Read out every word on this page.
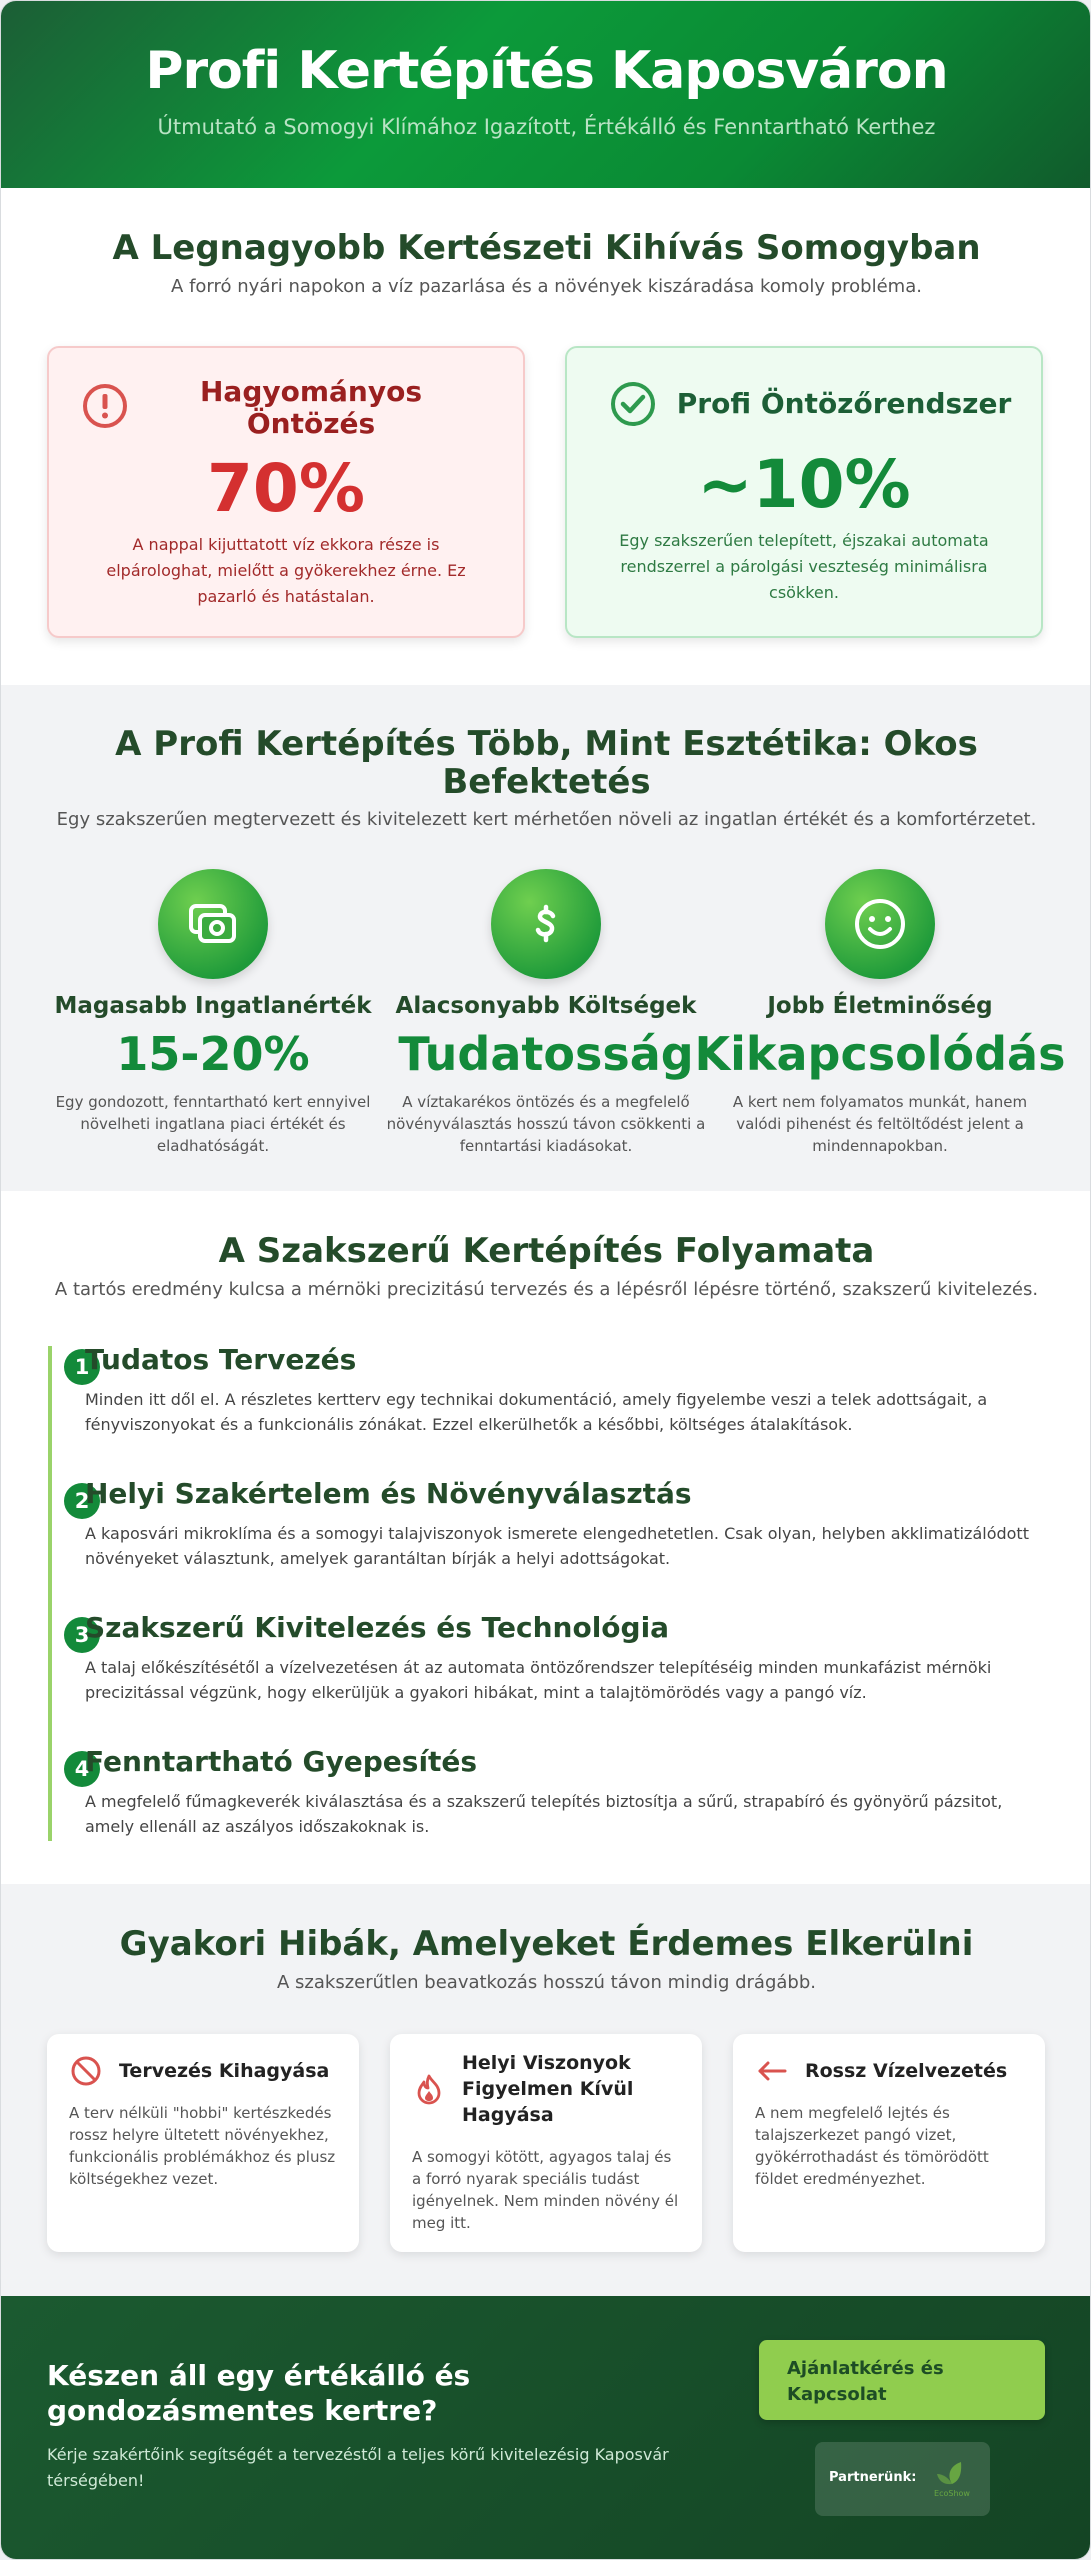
Profi Kertépítés Kaposváron
Útmutató a Somogyi Klímához Igazított, Értékálló és Fenntartható Kerthez
A Legnagyobb Kertészeti Kihívás Somogyban
A forró nyári napokon a víz pazarlása és a növények kiszáradása komoly probléma.
Hagyományos Öntözés
70%
A nappal kijuttatott víz ekkora része is elpárologhat, mielőtt a gyökerekhez érne. Ez pazarló és hatástalan.
Profi Öntözőrendszer
~10%
Egy szakszerűen telepített, éjszakai automata rendszerrel a párolgási veszteség minimálisra csökken.
A Profi Kertépítés Több, Mint Esztétika: Okos Befektetés
Egy szakszerűen megtervezett és kivitelezett kert mérhetően növeli az ingatlan értékét és a komfortérzetet.
Magasabb Ingatlanérték
15-20%
Egy gondozott, fenntartható kert ennyivel növelheti ingatlana piaci értékét és eladhatóságát.
Alacsonyabb Költségek
Tudatosság
A víztakarékos öntözés és a megfelelő növényválasztás hosszú távon csökkenti a fenntartási kiadásokat.
Jobb Életminőség
Kikapcsolódás
A kert nem folyamatos munkát, hanem valódi pihenést és feltöltődést jelent a mindennapokban.
A Szakszerű Kertépítés Folyamata
A tartós eredmény kulcsa a mérnöki precizitású tervezés és a lépésről lépésre történő, szakszerű kivitelezés.
1
Tudatos Tervezés
Minden itt dől el. A részletes kertterv egy technikai dokumentáció, amely figyelembe veszi a telek adottságait, a fényviszonyokat és a funkcionális zónákat. Ezzel elkerülhetők a későbbi, költséges átalakítások.
2
Helyi Szakértelem és Növényválasztás
A kaposvári mikroklíma és a somogyi talajviszonyok ismerete elengedhetetlen. Csak olyan, helyben akklimatizálódott növényeket választunk, amelyek garantáltan bírják a helyi adottságokat.
3
Szakszerű Kivitelezés és Technológia
A talaj előkészítésétől a vízelvezetésen át az automata öntözőrendszer telepítéséig minden munkafázist mérnöki precizitással végzünk, hogy elkerüljük a gyakori hibákat, mint a talajtömörödés vagy a pangó víz.
4
Fenntartható Gyepesítés
A megfelelő fűmagkeverék kiválasztása és a szakszerű telepítés biztosítja a sűrű, strapabíró és gyönyörű pázsitot, amely ellenáll az aszályos időszakoknak is.
Gyakori Hibák, Amelyeket Érdemes Elkerülni
A szakszerűtlen beavatkozás hosszú távon mindig drágább.
Tervezés Kihagyása
A terv nélküli "hobbi" kertészkedés rossz helyre ültetett növényekhez, funkcionális problémákhoz és plusz költségekhez vezet.
Helyi Viszonyok Figyelmen Kívül Hagyása
A somogyi kötött, agyagos talaj és a forró nyarak speciális tudást igényelnek. Nem minden növény él meg itt.
Rossz Vízelvezetés
A nem megfelelő lejtés és talajszerkezet pangó vizet, gyökérrothadást és tömörödött földet eredményezhet.
Készen áll egy értékálló és gondozásmentes kertre?
Kérje szakértőink segítségét a tervezéstől a teljes körű kivitelezésig Kaposvár térségében!
Ajánlatkérés és Kapcsolat
Partnerünk:
EcoShow
